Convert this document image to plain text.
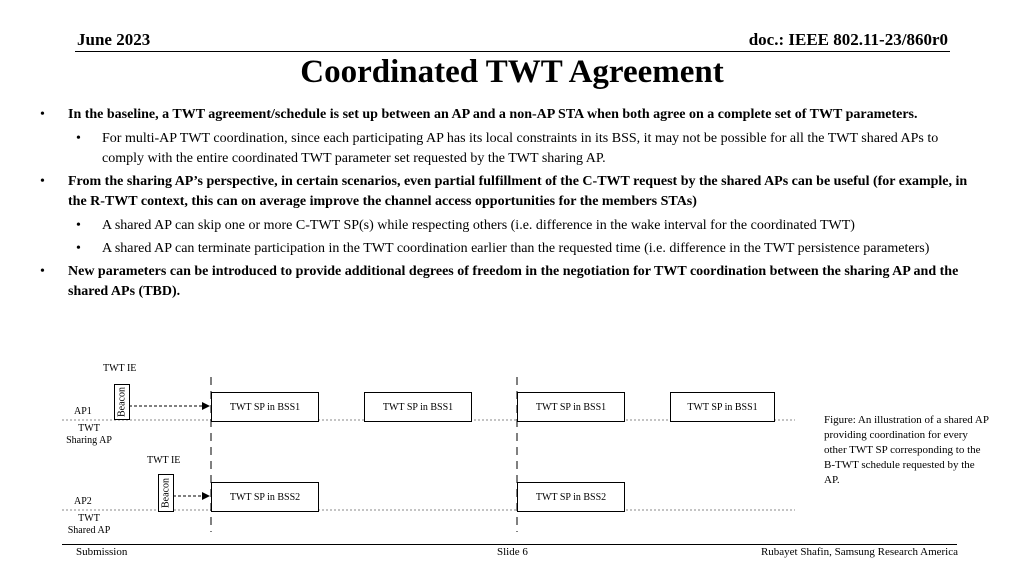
June 2023	doc.: IEEE 802.11-23/860r0
Coordinated TWT Agreement
• In the baseline, a TWT agreement/schedule is set up between an AP and a non-AP STA when both agree on a complete set of TWT parameters.
• For multi-AP TWT coordination, since each participating AP has its local constraints in its BSS, it may not be possible for all the TWT shared APs to comply with the entire coordinated TWT parameter set requested by the TWT sharing AP.
• From the sharing AP’s perspective, in certain scenarios, even partial fulfillment of the C-TWT request by the shared APs can be useful (for example, in the R-TWT context, this can on average improve the channel access opportunities for the members STAs)
• A shared AP can skip one or more C-TWT SP(s) while respecting others (i.e. difference in the wake interval for the coordinated TWT)
• A shared AP can terminate participation in the TWT coordination earlier than the requested time (i.e. difference in the TWT persistence parameters)
• New parameters can be introduced to provide additional degrees of freedom in the negotiation for TWT coordination between the sharing AP and the shared APs (TBD).
TWT IE
Beacon
AP1
TWT
Sharing AP
TWT SP in BSS1	TWT SP in BSS1	TWT SP in BSS1	TWT SP in BSS1
TWT IE
Beacon
AP2
TWT
Shared AP
TWT SP in BSS2	TWT SP in BSS2
Figure: An illustration of a shared AP providing coordination for every other TWT SP corresponding to the B-TWT schedule requested by the AP.
Submission	Slide 6	Rubayet Shafin, Samsung Research America
